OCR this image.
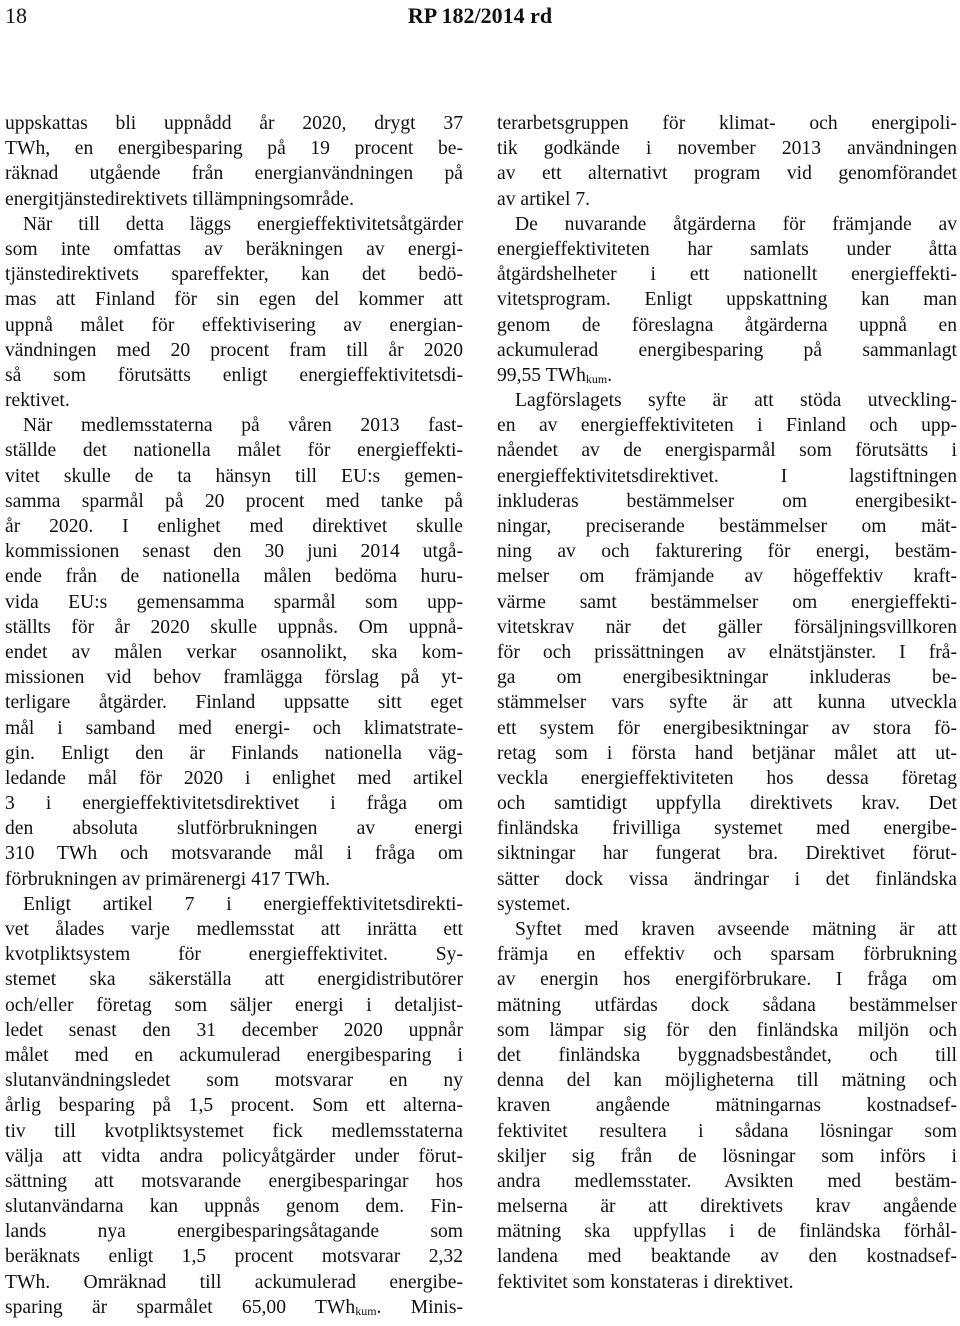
18	RP 182/2014 rd
uppskattas bli uppnådd år 2020, drygt 37
TWh, en energibesparing på 19 procent be-
räknad utgående från energianvändningen på
energitjänstedirektivets tillämpningsområde.
När till detta läggs energieffektivitetsåtgärder
som inte omfattas av beräkningen av energi-
tjänstedirektivets spareffekter, kan det bedö-
mas att Finland för sin egen del kommer att
uppnå målet för effektivisering av energian-
vändningen med 20 procent fram till år 2020
så som förutsätts enligt energieffektivitetsdi-
rektivet.
När medlemsstaterna på våren 2013 fast-
ställde det nationella målet för energieffekti-
vitet skulle de ta hänsyn till EU:s gemen-
samma sparmål på 20 procent med tanke på
år 2020. I enlighet med direktivet skulle
kommissionen senast den 30 juni 2014 utgå-
ende från de nationella målen bedöma huru-
vida EU:s gemensamma sparmål som upp-
ställts för år 2020 skulle uppnås. Om uppnå-
endet av målen verkar osannolikt, ska kom-
missionen vid behov framlägga förslag på yt-
terligare åtgärder. Finland uppsatte sitt eget
mål i samband med energi- och klimatstrate-
gin. Enligt den är Finlands nationella väg-
ledande mål för 2020 i enlighet med artikel
3 i energieffektivitetsdirektivet i fråga om
den absoluta slutförbrukningen av energi
310 TWh och motsvarande mål i fråga om
förbrukningen av primärenergi 417 TWh.
Enligt artikel 7 i energieffektivitetsdirekti-
vet ålades varje medlemsstat att inrätta ett
kvotpliktsystem för energieffektivitet. Sy-
stemet ska säkerställa att energidistributörer
och/eller företag som säljer energi i detaljist-
ledet senast den 31 december 2020 uppnår
målet med en ackumulerad energibesparing i
slutanvändningsledet som motsvarar en ny
årlig besparing på 1,5 procent. Som ett alterna-
tiv till kvotpliktsystemet fick medlemsstaterna
välja att vidta andra policyåtgärder under förut-
sättning att motsvarande energibesparingar hos
slutanvändarna kan uppnås genom dem. Fin-
lands nya energibesparingsåtagande som
beräknats enligt 1,5 procent motsvarar 2,32
TWh. Omräknad till ackumulerad energibe-
sparing är sparmålet 65,00 TWh$_{kum}$. Minis-
terarbetsgruppen för klimat- och energipoli-
tik godkände i november 2013 användningen
av ett alternativt program vid genomförandet
av artikel 7.
De nuvarande åtgärderna för främjande av
energieffektiviteten har samlats under åtta
åtgärdshelheter i ett nationellt energieffekti-
vitetsprogram. Enligt uppskattning kan man
genom de föreslagna åtgärderna uppnå en
ackumulerad energibesparing på sammanlagt
99,55 TWh$_{kum}$.
Lagförslagets syfte är att stöda utveckling-
en av energieffektiviteten i Finland och upp-
nåendet av de energisparmål som förutsätts i
energieffektivitetsdirektivet. I lagstiftningen
inkluderas bestämmelser om energibesikt-
ningar, preciserande bestämmelser om mät-
ning av och fakturering för energi, bestäm-
melser om främjande av högeffektiv kraft-
värme samt bestämmelser om energieffekti-
vitetskrav när det gäller försäljningsvillkoren
för och prissättningen av elnätstjänster. I frå-
ga om energibesiktningar inkluderas be-
stämmelser vars syfte är att kunna utveckla
ett system för energibesiktningar av stora fö-
retag som i första hand betjänar målet att ut-
veckla energieffektiviteten hos dessa företag
och samtidigt uppfylla direktivets krav. Det
finländska frivilliga systemet med energibe-
siktningar har fungerat bra. Direktivet förut-
sätter dock vissa ändringar i det finländska
systemet.
Syftet med kraven avseende mätning är att
främja en effektiv och sparsam förbrukning
av energin hos energiförbrukare. I fråga om
mätning utfärdas dock sådana bestämmelser
som lämpar sig för den finländska miljön och
det finländska byggnadsbeståndet, och till
denna del kan möjligheterna till mätning och
kraven angående mätningarnas kostnadsef-
fektivitet resultera i sådana lösningar som
skiljer sig från de lösningar som införs i
andra medlemsstater. Avsikten med bestäm-
melserna är att direktivets krav angående
mätning ska uppfyllas i de finländska förhål-
landena med beaktande av den kostnadsef-
fektivitet som konstateras i direktivet.
